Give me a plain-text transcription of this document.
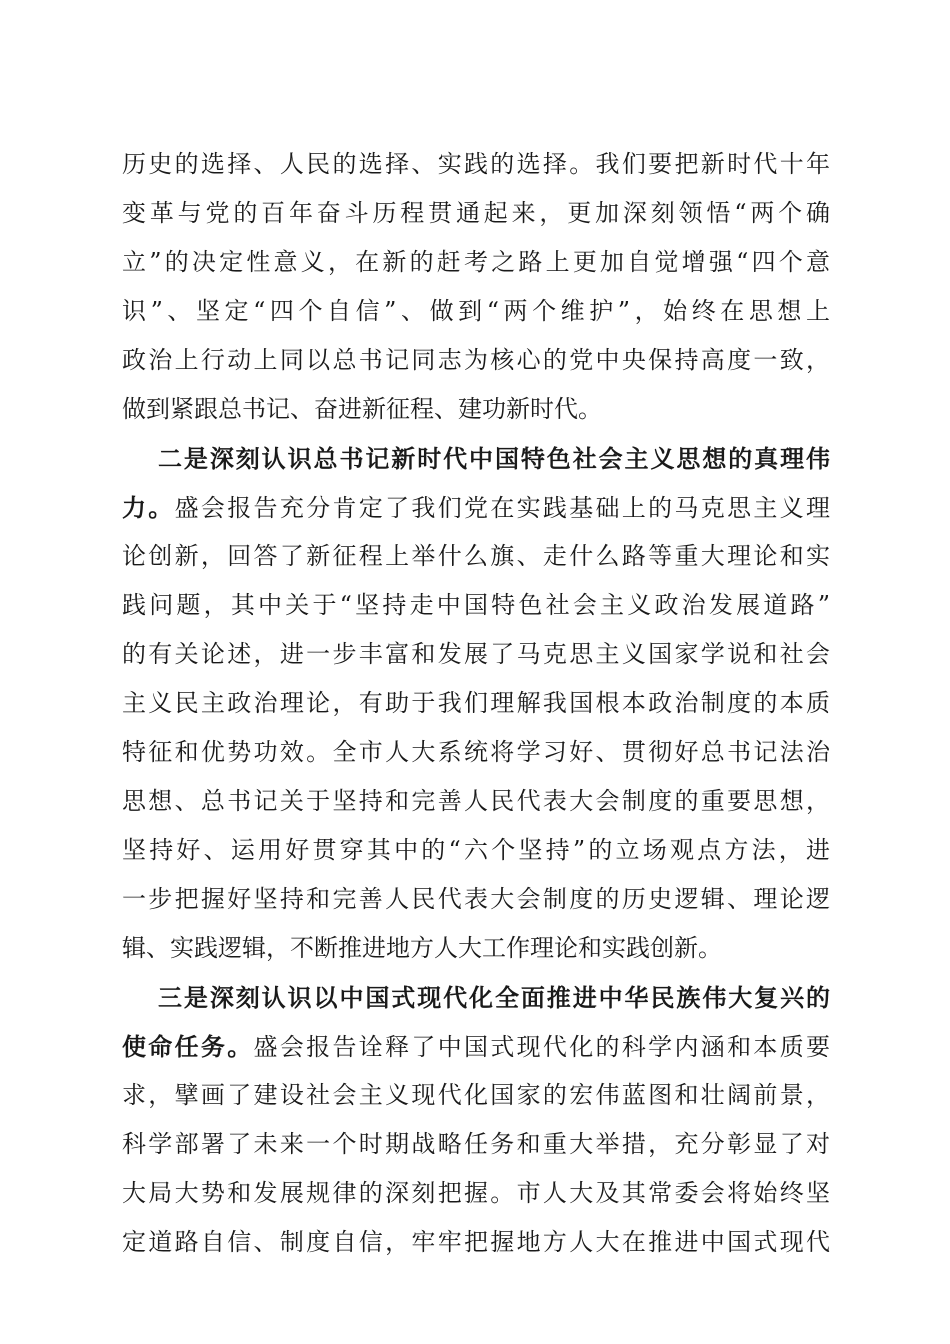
历史的选择、人民的选择、实践的选择。我们要把新时代十年
变革与党的百年奋斗历程贯通起来，更加深刻领悟“两个确
立”的决定性意义，在新的赶考之路上更加自觉增强“四个意
识”、坚定“四个自信”、做到“两个维护”，始终在思想上
政治上行动上同以总书记同志为核心的党中央保持高度一致，
做到紧跟总书记、奋进新征程、建功新时代。
二是深刻认识总书记新时代中国特色社会主义思想的真理伟
力。盛会报告充分肯定了我们党在实践基础上的马克思主义理
论创新，回答了新征程上举什么旗、走什么路等重大理论和实
践问题，其中关于“坚持走中国特色社会主义政治发展道路”
的有关论述，进一步丰富和发展了马克思主义国家学说和社会
主义民主政治理论，有助于我们理解我国根本政治制度的本质
特征和优势功效。全市人大系统将学习好、贯彻好总书记法治
思想、总书记关于坚持和完善人民代表大会制度的重要思想，
坚持好、运用好贯穿其中的“六个坚持”的立场观点方法，进
一步把握好坚持和完善人民代表大会制度的历史逻辑、理论逻
辑、实践逻辑，不断推进地方人大工作理论和实践创新。
三是深刻认识以中国式现代化全面推进中华民族伟大复兴的
使命任务。盛会报告诠释了中国式现代化的科学内涵和本质要
求，擘画了建设社会主义现代化国家的宏伟蓝图和壮阔前景，
科学部署了未来一个时期战略任务和重大举措，充分彰显了对
大局大势和发展规律的深刻把握。市人大及其常委会将始终坚
定道路自信、制度自信，牢牢把握地方人大在推进中国式现代
